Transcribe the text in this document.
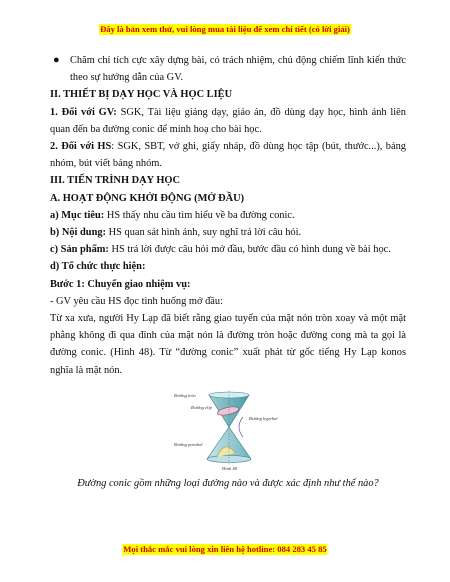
Đây là bản xem thử, vui lòng mua tài liệu để xem chi tiết (có lời giải)

● Chăm chỉ tích cực xây dựng bài, có trách nhiệm, chủ động chiếm lĩnh kiến thức theo sự hướng dẫn của GV.

II. THIẾT BỊ DẠY HỌC VÀ HỌC LIỆU

1. Đối với GV: SGK, Tài liệu giảng dạy, giáo án, đồ dùng dạy học, hình ảnh liên quan đến ba đường conic để minh hoạ cho bài học.

2. Đối với HS: SGK, SBT, vở ghi, giấy nháp, đồ dùng học tập (bút, thước...), bảng nhóm, bút viết bảng nhóm.

III. TIẾN TRÌNH DẠY HỌC

A. HOẠT ĐỘNG KHỞI ĐỘNG (MỞ ĐẦU)

a) Mục tiêu: HS thấy nhu cầu tìm hiểu về ba đường conic.

b) Nội dung: HS quan sát hình ảnh, suy nghĩ trả lời câu hỏi.

c) Sản phẩm: HS trả lời được câu hỏi mở đầu, bước đầu có hình dung về bài học.

d) Tổ chức thực hiện:

Bước 1: Chuyển giao nhiệm vụ:

- GV yêu cầu HS đọc tình huống mở đầu:

Từ xa xưa, người Hy Lạp đã biết rằng giao tuyến của mặt nón tròn xoay và một mặt phẳng không đi qua đỉnh của mặt nón là đường tròn hoặc đường cong mà ta gọi là đường conic. (Hình 48). Từ “đường conic” xuất phát từ gốc tiếng Hy Lạp konos nghĩa là mặt nón.

Đường tròn
Đường elip
Đường hypebol
Đường parabol
Hình 48

Đường conic gồm những loại đường nào và được xác định như thế nào?

Mọi thắc mắc vui lòng xin liên hệ hotline: 084 283 45 85
